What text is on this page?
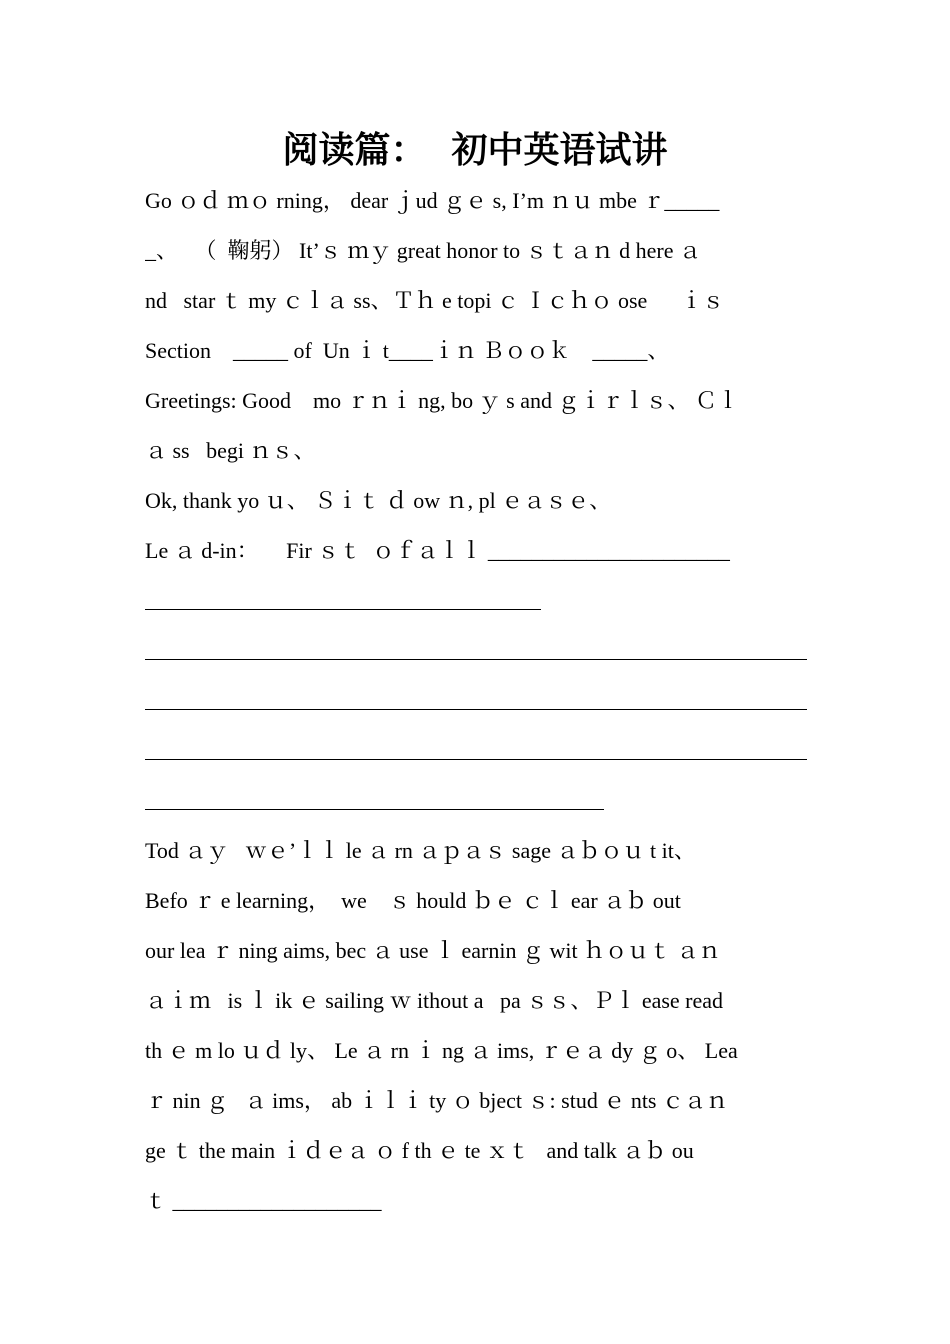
阅读篇：  初中英语试讲
Go ｏｄ ｍｏ rning， dear ｊud ｇｅ s, I’m ｎｕ mbe ｒ_____
_、   （  鞠躬） It’ｓ ｍｙ great honor to ｓｔａｎ d here ａ
nd   star ｔ my ｃｌａ ss、Ｔｈ e topi ｃ Ｉｃｈｏ ose      ｉｓ
Section    _____ of  Un ｉ t____ｉｎ Ｂｏｏｋ    _____、
Greetings: Good    mo ｒｎｉ ng, bo ｙ s and ｇｉｒｌｓ、 Ｃｌ
ａ ss   begi ｎｓ、
Ok, thank yo ｕ、 Ｓｉｔ ｄ ow ｎ, pl ｅａｓｅ、
Le ａ d-in：     Fir ｓｔ  ｏｆａｌｌ ______________________
Tod ａｙ   ｗｅ’ｌｌ le ａ rn ａｐａｓ sage ａｂｏｕ t it、
Befo ｒ e learning，  we    ｓ hould ｂｅ ｃｌ ear ａｂ out
our lea ｒ ning aims, bec ａ use ｌ earnin ｇ wit ｈｏｕｔ ａｎ
ａｉｍ   is ｌ ik ｅ sailing ｗ ithout a   pa ｓｓ、Ｐｌ ease read
th ｅ m lo ｕｄ ly、 Le ａ rn ｉ ng ａ ims, ｒｅａ dy ｇ o、 Lea
ｒ nin ｇ   ａ ims， ab ｉｌｉ ty ｏ bject ｓ: stud ｅ nts ｃａｎ
ge ｔ the main ｉｄｅａ ｏ f th ｅ te ｘｔ   and talk ａｂ ou
ｔ ___________________
